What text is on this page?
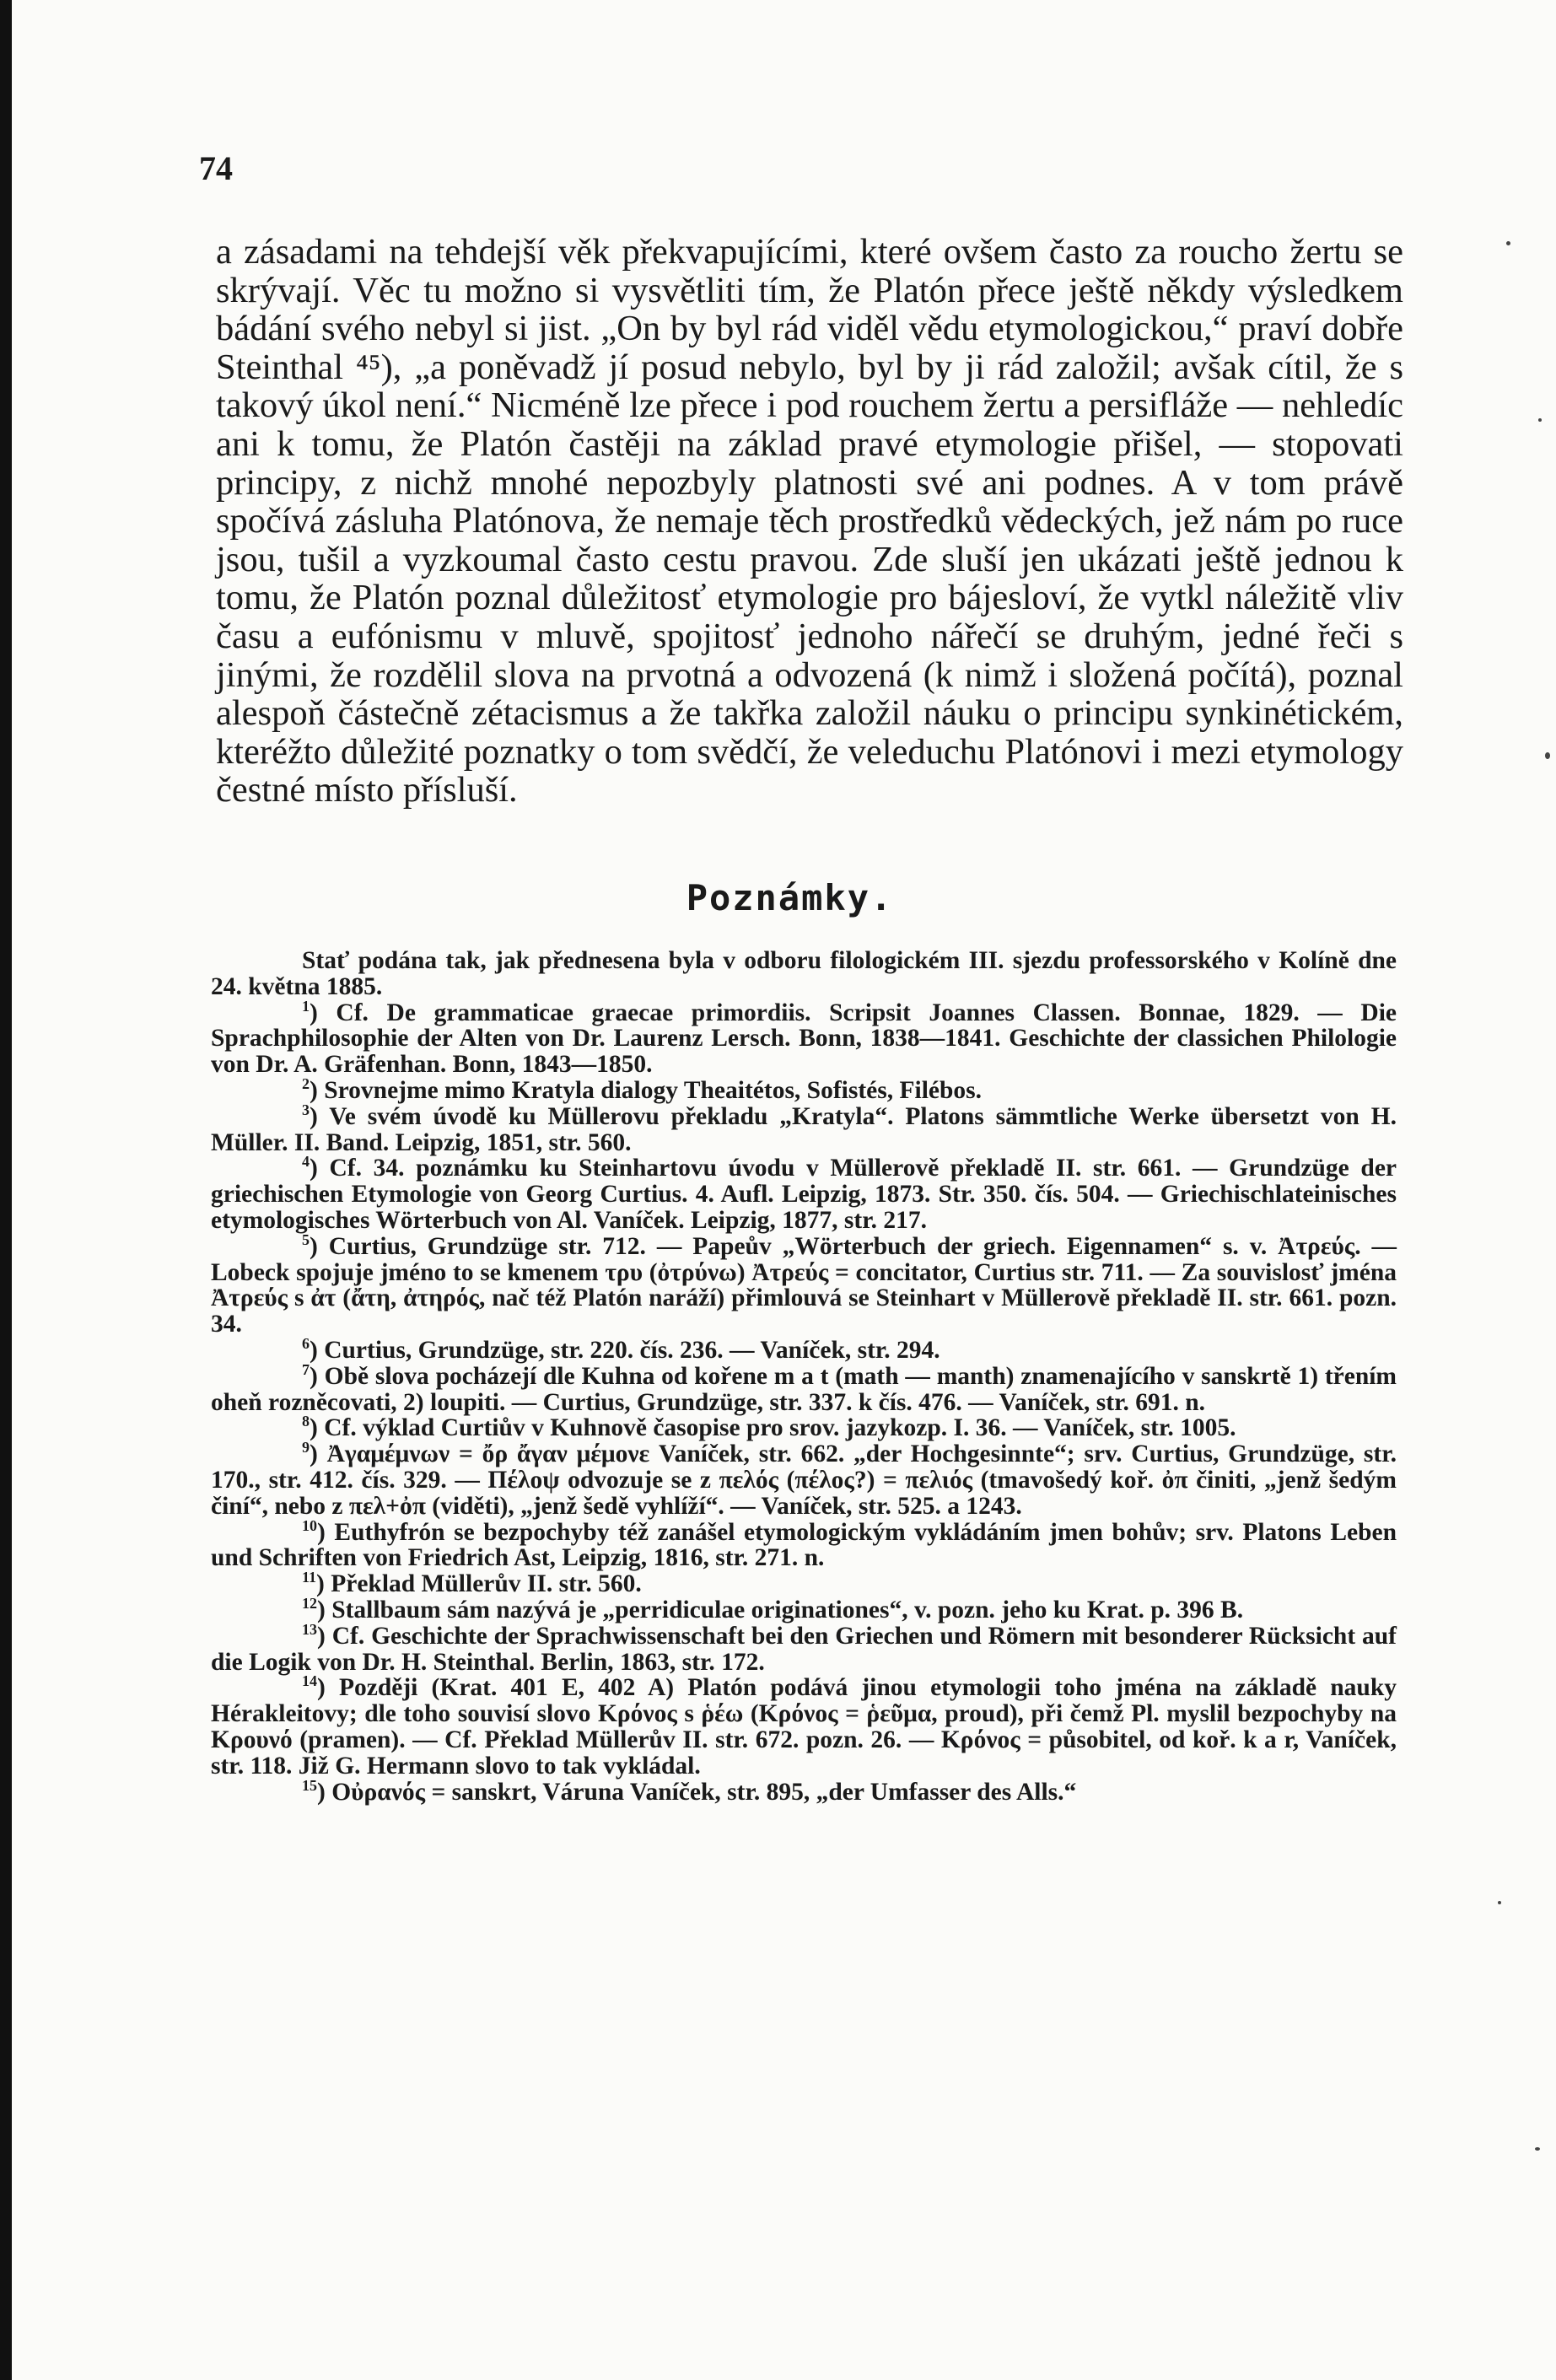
74

a zásadami na tehdejší věk překvapujícími, které ovšem často za roucho žertu se skrývají. Věc tu možno si vysvětliti tím, že Platón přece ještě někdy výsledkem bádání svého nebyl si jist. „On by byl rád viděl vědu etymologickou,“ praví dobře Steinthal ⁴⁵), „a poněvadž jí posud nebylo, byl by ji rád založil; avšak cítil, že s takový úkol není.“ Nicméně lze přece i pod rouchem žertu a persifláže — nehledíc ani k tomu, že Platón častěji na základ pravé etymologie přišel, — stopovati principy, z nichž mnohé nepozbyly platnosti své ani podnes. A v tom právě spočívá zásluha Platónova, že nemaje těch prostředků vědeckých, jež nám po ruce jsou, tušil a vyzkoumal často cestu pravou. Zde sluší jen ukázati ještě jednou k tomu, že Platón poznal důležitosť etymologie pro bájesloví, že vytkl náležitě vliv času a eufónismu v mluvě, spojitosť jednoho nářečí se druhým, jedné řeči s jinými, že rozdělil slova na prvotná a odvozená (k nimž i složená počítá), poznal alespoň částečně zétacismus a že takřka založil náuku o principu synkinétickém, kteréžto důležité poznatky o tom svědčí, že veleduchu Platónovi i mezi etymology čestné místo přísluší.

Poznámky.

Stať podána tak, jak přednesena byla v odboru filologickém III. sjezdu professorského v Kolíně dne 24. května 1885.

$^1$) Cf. De grammaticae graecae primordiis. Scripsit Joannes Classen. Bonnae, 1829. — Die Sprachphilosophie der Alten von Dr. Laurenz Lersch. Bonn, 1838—1841. Geschichte der classichen Philologie von Dr. A. Gräfenhan. Bonn, 1843—1850.

$^2$) Srovnejme mimo Kratyla dialogy Theaitétos, Sofistés, Filébos.

$^3$) Ve svém úvodě ku Müllerovu překladu „Kratyla“. Platons sämmtliche Werke übersetzt von H. Müller. II. Band. Leipzig, 1851, str. 560.

$^4$) Cf. 34. poznámku ku Steinhartovu úvodu v Müllerově překladě II. str. 661. — Grundzüge der griechischen Etymologie von Georg Curtius. 4. Aufl. Leipzig, 1873. Str. 350. čís. 504. — Griechischlateinisches etymologisches Wörterbuch von Al. Vaníček. Leipzig, 1877, str. 217.

$^5$) Curtius, Grundzüge str. 712. — Papeův „Wörterbuch der griech. Eigennamen“ s. v. Ἀτρεύς. — Lobeck spojuje jméno to se kmenem τρυ (ὀτρύνω) Ἀτρεύς = concitator, Curtius str. 711. — Za souvislosť jména Ἀτρεύς s ἀτ (ἄτη, ἀτηρός, nač též Platón naráží) přimlouvá se Steinhart v Müllerově překladě II. str. 661. pozn. 34.

$^6$) Curtius, Grundzüge, str. 220. čís. 236. — Vaníček, str. 294.

$^7$) Obě slova pocházejí dle Kuhna od kořene m a t (math — manth) znamenajícího v sanskrtě 1) třením oheň rozněcovati, 2) loupiti. — Curtius, Grundzüge, str. 337. k čís. 476. — Vaníček, str. 691. n.

$^8$) Cf. výklad Curtiův v Kuhnově časopise pro srov. jazykozp. I. 36. — Vaníček, str. 1005.

$^9$) Ἀγαμέμνων = ὄρ ἄγαν μέμονε Vaníček, str. 662. „der Hochgesinnte“; srv. Curtius, Grundzüge, str. 170., str. 412. čís. 329. — Πέλοψ odvozuje se z πελός (πέλος?) = πελιός (tmavošedý koř. ὀπ činiti, „jenž šedým činí“, nebo z πελ+ὀπ (viděti), „jenž šedě vyhlíží“. — Vaníček, str. 525. a 1243.

$^{10}$) Euthyfrón se bezpochyby též zanášel etymologickým vykládáním jmen bohův; srv. Platons Leben und Schriften von Friedrich Ast, Leipzig, 1816, str. 271. n.

$^{11}$) Překlad Müllerův II. str. 560.

$^{12}$) Stallbaum sám nazývá je „perridiculae originationes“, v. pozn. jeho ku Krat. p. 396 B.

$^{13}$) Cf. Geschichte der Sprachwissenschaft bei den Griechen und Römern mit besonderer Rücksicht auf die Logik von Dr. H. Steinthal. Berlin, 1863, str. 172.

$^{14}$) Později (Krat. 401 E, 402 A) Platón podává jinou etymologii toho jména na základě nauky Hérakleitovy; dle toho souvisí slovo Κρόνος s ῥέω (Κρόνος = ῥεῦμα, proud), při čemž Pl. myslil bezpochyby na Κρουνό (pramen). — Cf. Překlad Müllerův II. str. 672. pozn. 26. — Κρόνος = působitel, od koř. k a r, Vaníček, str. 118. Již G. Hermann slovo to tak vykládal.

$^{15}$) Οὐρανός = sanskrt, Váruna Vaníček, str. 895, „der Umfasser des Alls.“
